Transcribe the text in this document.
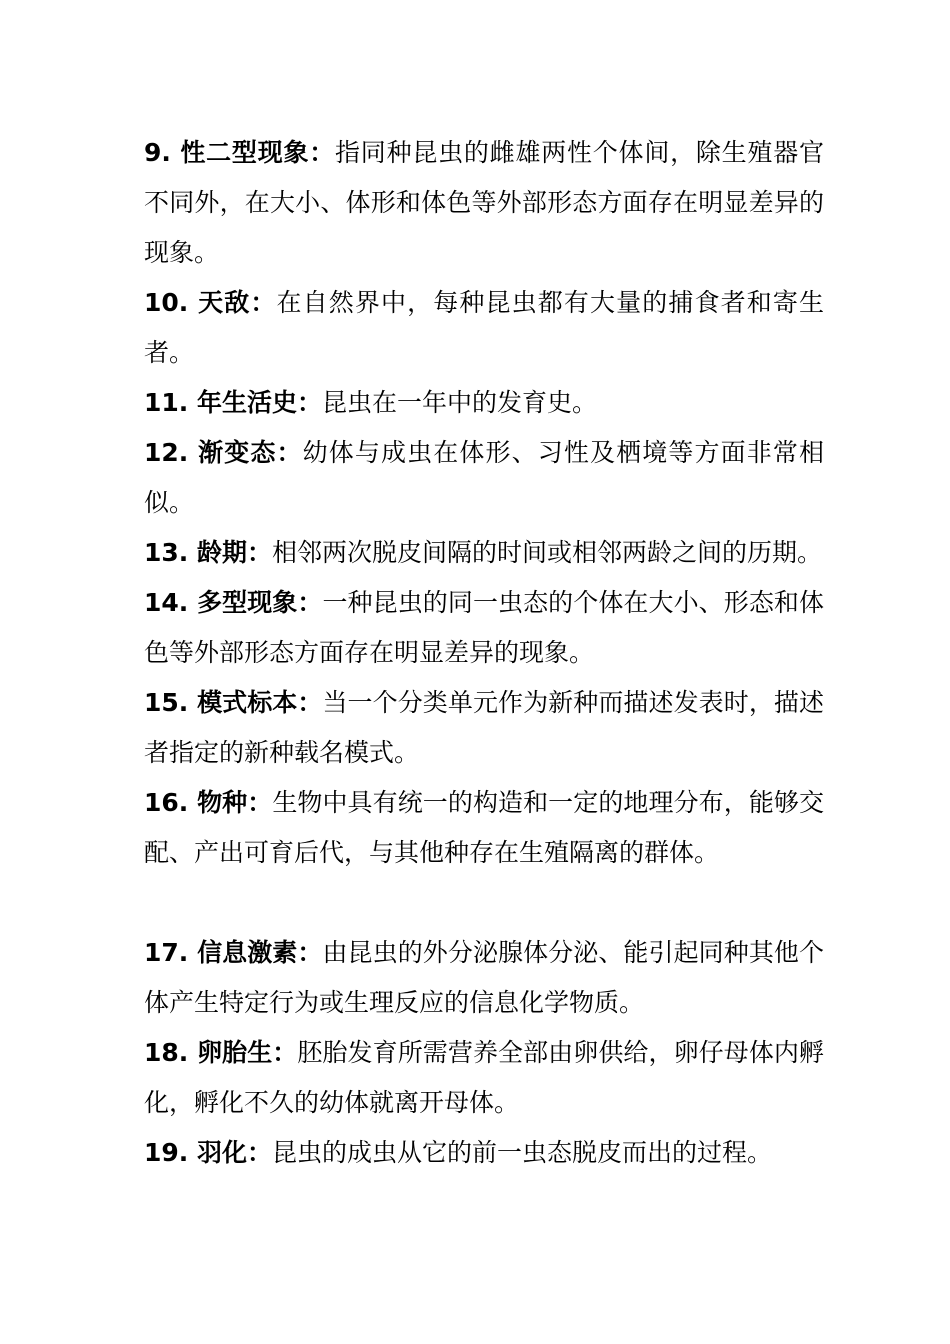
9. 性二型现象：指同种昆虫的雌雄两性个体间，除生殖器官不同外，在大小、体形和体色等外部形态方面存在明显差异的现象。

10. 天敌：在自然界中，每种昆虫都有大量的捕食者和寄生者。

11. 年生活史：昆虫在一年中的发育史。

12. 渐变态：幼体与成虫在体形、习性及栖境等方面非常相似。

13. 龄期：相邻两次脱皮间隔的时间或相邻两龄之间的历期。

14. 多型现象：一种昆虫的同一虫态的个体在大小、形态和体色等外部形态方面存在明显差异的现象。

15. 模式标本：当一个分类单元作为新种而描述发表时，描述者指定的新种载名模式。

16. 物种：生物中具有统一的构造和一定的地理分布，能够交配、产出可育后代，与其他种存在生殖隔离的群体。

17. 信息激素：由昆虫的外分泌腺体分泌、能引起同种其他个体产生特定行为或生理反应的信息化学物质。

18. 卵胎生：胚胎发育所需营养全部由卵供给，卵仔母体内孵化，孵化不久的幼体就离开母体。

19. 羽化：昆虫的成虫从它的前一虫态脱皮而出的过程。
